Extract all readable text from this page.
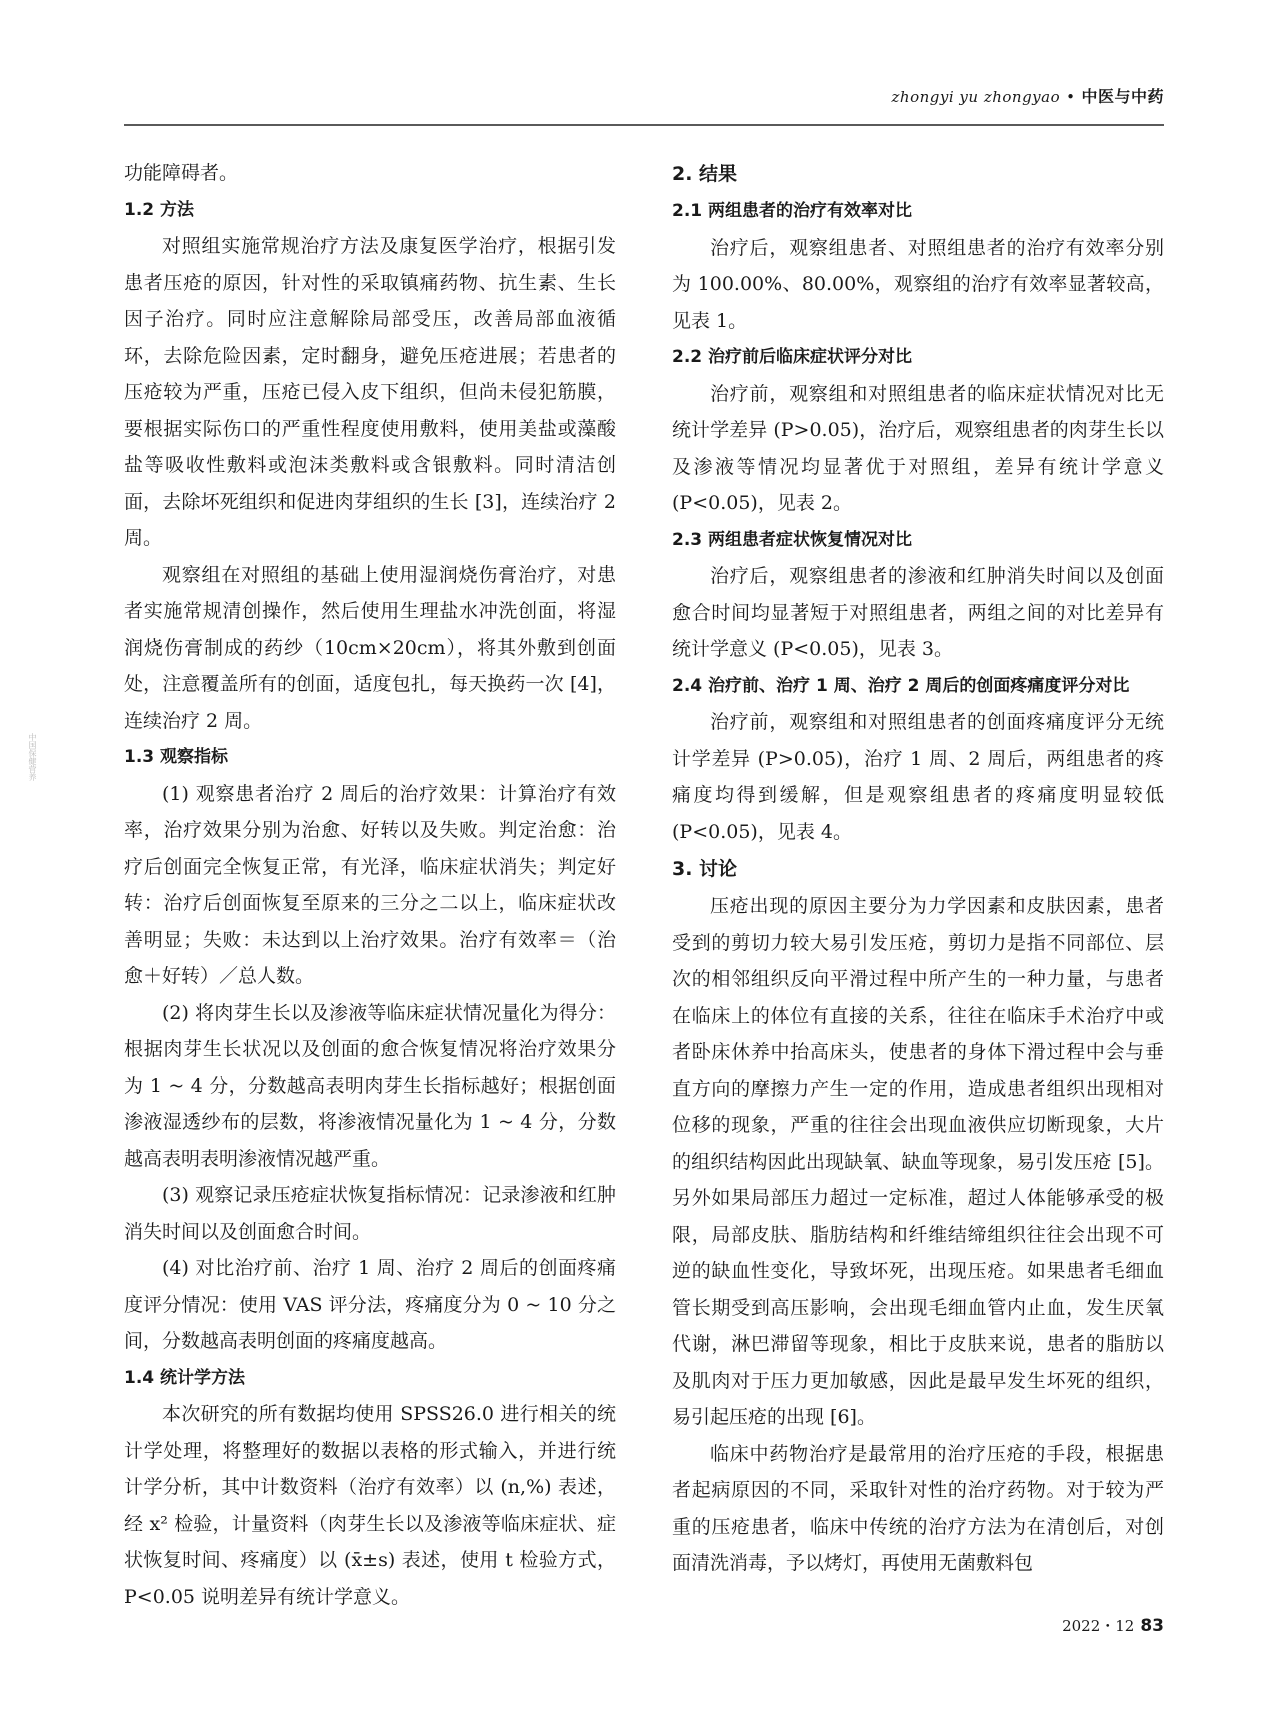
zhongyi yu zhongyao • 中医与中药
中国保健营养

功能障碍者。

1.2 方法

对照组实施常规治疗方法及康复医学治疗，根据引发患者压疮的原因，针对性的采取镇痛药物、抗生素、生长因子治疗。同时应注意解除局部受压，改善局部血液循环，去除危险因素，定时翻身，避免压疮进展；若患者的压疮较为严重，压疮已侵入皮下组织，但尚未侵犯筋膜，要根据实际伤口的严重性程度使用敷料，使用美盐或藻酸盐等吸收性敷料或泡沫类敷料或含银敷料。同时清洁创面，去除坏死组织和促进肉芽组织的生长 [3]，连续治疗 2 周。

观察组在对照组的基础上使用湿润烧伤膏治疗，对患者实施常规清创操作，然后使用生理盐水冲洗创面，将湿润烧伤膏制成的药纱（10cm×20cm），将其外敷到创面处，注意覆盖所有的创面，适度包扎，每天换药一次 [4]，连续治疗 2 周。

1.3 观察指标

(1) 观察患者治疗 2 周后的治疗效果：计算治疗有效率，治疗效果分别为治愈、好转以及失败。判定治愈：治疗后创面完全恢复正常，有光泽，临床症状消失；判定好转：治疗后创面恢复至原来的三分之二以上，临床症状改善明显；失败：未达到以上治疗效果。治疗有效率＝（治愈＋好转）／总人数。

(2) 将肉芽生长以及渗液等临床症状情况量化为得分：根据肉芽生长状况以及创面的愈合恢复情况将治疗效果分为 1 ~ 4 分，分数越高表明肉芽生长指标越好；根据创面渗液湿透纱布的层数，将渗液情况量化为 1 ~ 4 分，分数越高表明表明渗液情况越严重。

(3) 观察记录压疮症状恢复指标情况：记录渗液和红肿消失时间以及创面愈合时间。

(4) 对比治疗前、治疗 1 周、治疗 2 周后的创面疼痛度评分情况：使用 VAS 评分法，疼痛度分为 0 ~ 10 分之间，分数越高表明创面的疼痛度越高。

1.4 统计学方法

本次研究的所有数据均使用 SPSS26.0 进行相关的统计学处理，将整理好的数据以表格的形式输入，并进行统计学分析，其中计数资料（治疗有效率）以 (n,%) 表述，经 x² 检验，计量资料（肉芽生长以及渗液等临床症状、症状恢复时间、疼痛度）以 (x̄±s) 表述，使用 t 检验方式，P<0.05 说明差异有统计学意义。

2. 结果
2.1 两组患者的治疗有效率对比

治疗后，观察组患者、对照组患者的治疗有效率分别为 100.00%、80.00%，观察组的治疗有效率显著较高，见表 1。

2.2 治疗前后临床症状评分对比

治疗前，观察组和对照组患者的临床症状情况对比无统计学差异 (P>0.05)，治疗后，观察组患者的肉芽生长以及渗液等情况均显著优于对照组，差异有统计学意义 (P<0.05)，见表 2。

2.3 两组患者症状恢复情况对比

治疗后，观察组患者的渗液和红肿消失时间以及创面愈合时间均显著短于对照组患者，两组之间的对比差异有统计学意义 (P<0.05)，见表 3。

2.4 治疗前、治疗 1 周、治疗 2 周后的创面疼痛度评分对比

治疗前，观察组和对照组患者的创面疼痛度评分无统计学差异 (P>0.05)，治疗 1 周、2 周后，两组患者的疼痛度均得到缓解，但是观察组患者的疼痛度明显较低 (P<0.05)，见表 4。

3. 讨论

压疮出现的原因主要分为力学因素和皮肤因素，患者受到的剪切力较大易引发压疮，剪切力是指不同部位、层次的相邻组织反向平滑过程中所产生的一种力量，与患者在临床上的体位有直接的关系，往往在临床手术治疗中或者卧床休养中抬高床头，使患者的身体下滑过程中会与垂直方向的摩擦力产生一定的作用，造成患者组织出现相对位移的现象，严重的往往会出现血液供应切断现象，大片的组织结构因此出现缺氧、缺血等现象，易引发压疮 [5]。另外如果局部压力超过一定标准，超过人体能够承受的极限，局部皮肤、脂肪结构和纤维结缔组织往往会出现不可逆的缺血性变化，导致坏死，出现压疮。如果患者毛细血管长期受到高压影响，会出现毛细血管内止血，发生厌氧代谢，淋巴滞留等现象，相比于皮肤来说，患者的脂肪以及肌肉对于压力更加敏感，因此是最早发生坏死的组织，易引起压疮的出现 [6]。

临床中药物治疗是最常用的治疗压疮的手段，根据患者起病原因的不同，采取针对性的治疗药物。对于较为严重的压疮患者，临床中传统的治疗方法为在清创后，对创面清洗消毒，予以烤灯，再使用无菌敷料包

2022・12 83
